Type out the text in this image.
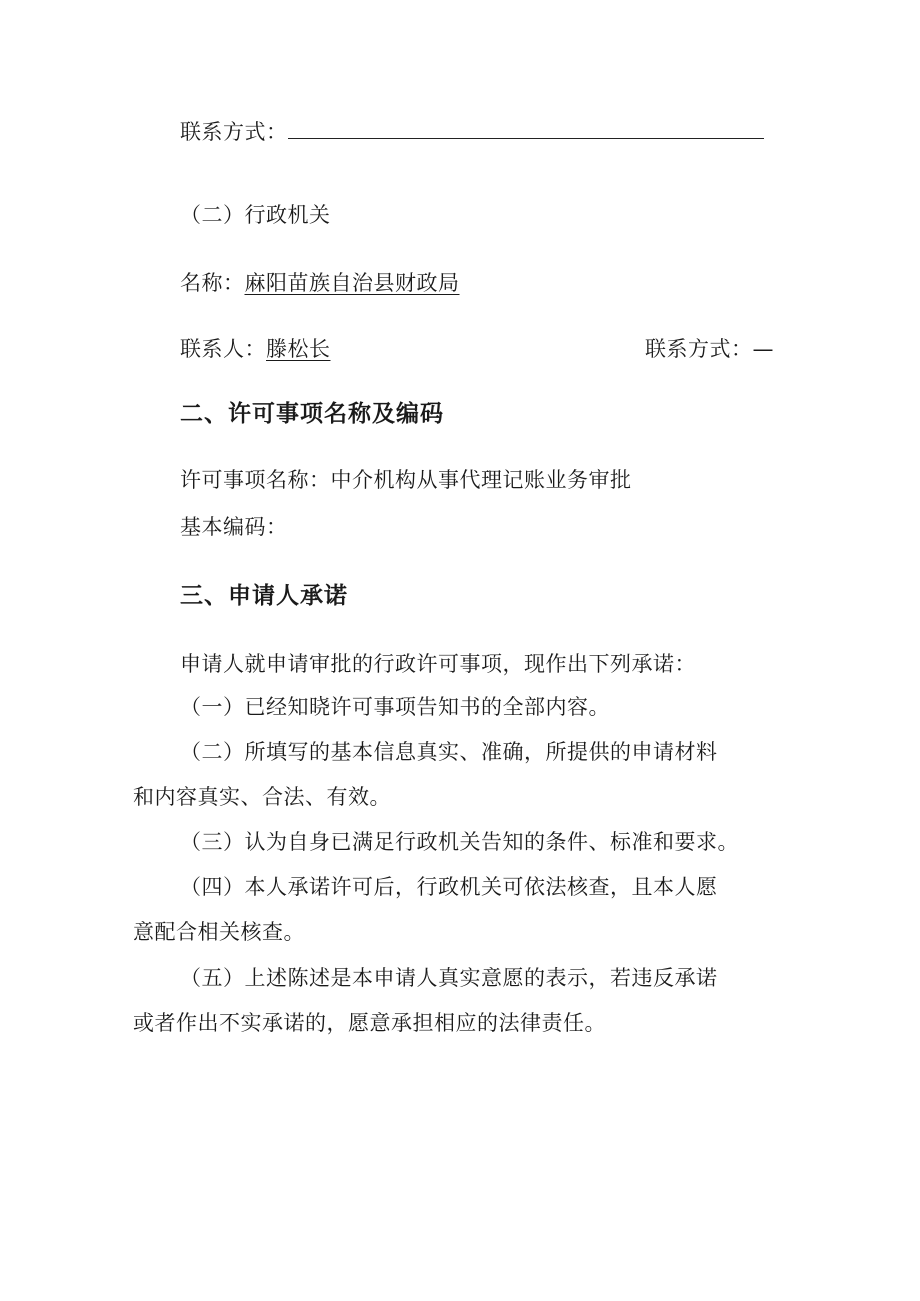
联系方式：
（二）行政机关
名称：麻阳苗族自治县财政局
联系人：滕松长	联系方式：—
二、许可事项名称及编码
许可事项名称：中介机构从事代理记账业务审批
基本编码：
三、申请人承诺
申请人就申请审批的行政许可事项，现作出下列承诺：
（一）已经知晓许可事项告知书的全部内容。
（二）所填写的基本信息真实、准确，所提供的申请材料
和内容真实、合法、有效。
（三）认为自身已满足行政机关告知的条件、标准和要求。
（四）本人承诺许可后，行政机关可依法核查，且本人愿
意配合相关核查。
（五）上述陈述是本申请人真实意愿的表示，若违反承诺
或者作出不实承诺的，愿意承担相应的法律责任。
